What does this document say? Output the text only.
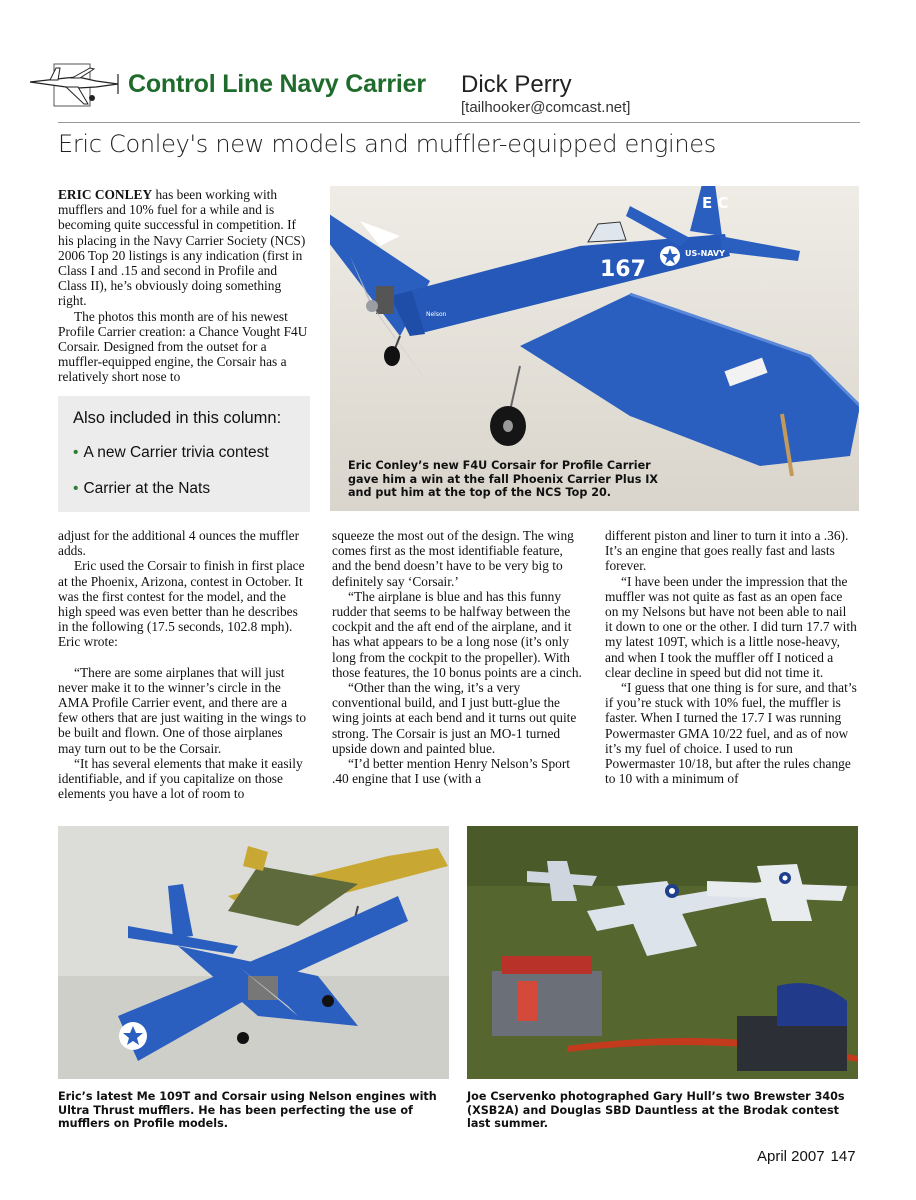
Control Line Navy Carrier Dick Perry
[tailhooker@comcast.net]
Eric Conley's new models and muffler-equipped engines

ERIC CONLEY has been working with mufflers and 10% fuel for a while and is becoming quite successful in competition. If his placing in the Navy Carrier Society (NCS) 2006 Top 20 listings is any indication (first in Class I and .15 and second in Profile and Class II), he’s obviously doing something right.

The photos this month are of his newest Profile Carrier creation: a Chance Vought F4U Corsair. Designed from the outset for a muffler-equipped engine, the Corsair has a relatively short nose to

Also included in this column:
• A new Carrier trivia contest
• Carrier at the Nats
E C
167
US-NAVY
Nelson
Eric Conley’s new F4U Corsair for Profile Carrier gave him a win at the fall Phoenix Carrier Plus IX and put him at the top of the NCS Top 20.

adjust for the additional 4 ounces the muffler adds.

Eric used the Corsair to finish in first place at the Phoenix, Arizona, contest in October. It was the first contest for the model, and the high speed was even better than he describes in the following (17.5 seconds, 102.8 mph). Eric wrote:

“There are some airplanes that will just never make it to the winner’s circle in the AMA Profile Carrier event, and there are a few others that are just waiting in the wings to be built and flown. One of those airplanes may turn out to be the Corsair.

“It has several elements that make it easily identifiable, and if you capitalize on those elements you have a lot of room to

squeeze the most out of the design. The wing comes first as the most identifiable feature, and the bend doesn’t have to be very big to definitely say ‘Corsair.’

“The airplane is blue and has this funny rudder that seems to be halfway between the cockpit and the aft end of the airplane, and it has what appears to be a long nose (it’s only long from the cockpit to the propeller). With those features, the 10 bonus points are a cinch.

“Other than the wing, it’s a very conventional build, and I just butt-glue the wing joints at each bend and it turns out quite strong. The Corsair is just an MO-1 turned upside down and painted blue.

“I’d better mention Henry Nelson’s Sport .40 engine that I use (with a

different piston and liner to turn it into a .36). It’s an engine that goes really fast and lasts forever.

“I have been under the impression that the muffler was not quite as fast as an open face on my Nelsons but have not been able to nail it down to one or the other. I did turn 17.7 with my latest 109T, which is a little nose-heavy, and when I took the muffler off I noticed a clear decline in speed but did not time it.

“I guess that one thing is for sure, and that’s if you’re stuck with 10% fuel, the muffler is faster. When I turned the 17.7 I was running Powermaster GMA 10/22 fuel, and as of now it’s my fuel of choice. I used to run Powermaster 10/18, but after the rules change to 10 with a minimum of

Eric’s latest Me 109T and Corsair using Nelson engines with Ultra Thrust mufflers. He has been perfecting the use of mufflers on Profile models.
Joe Cservenko photographed Gary Hull’s two Brewster 340s (XSB2A) and Douglas SBD Dauntless at the Brodak contest last summer.
April 2007 147
